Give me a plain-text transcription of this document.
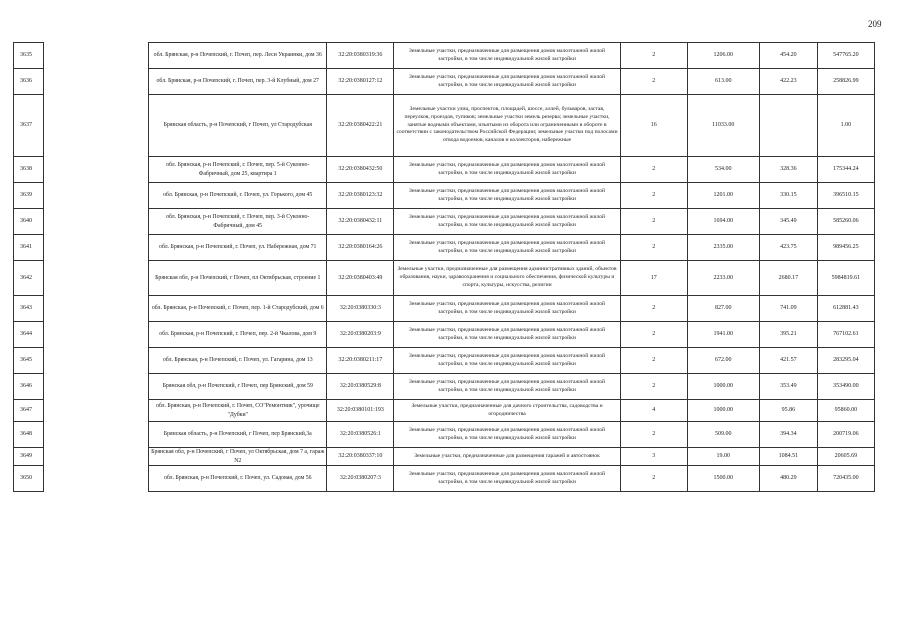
209
3635		обл. Брянская, р-н Почепский, г. Почеп, пер. Леси Украинки, дом 36	32:20:0380319:36	Земельные участки, предназначенные для размещения домов малоэтажной жилой застройки, в том числе индивидуальной жилой застройки	2	1206.00	454.20	547765.20
3636		обл. Брянская, р-н Почепский, г. Почеп, пер. 3-й Клубный, дом 27	32:20:0380127:12	Земельные участки, предназначенные для размещения домов малоэтажной жилой застройки, в том числе индивидуальной жилой застройки	2	613.00	422.23	258826.99
3637		Брянская область, р-н Почепский, г Почеп, ул Стародубская	32:20:0380422:21	Земельные участки улиц, проспектов, площадей, шоссе, аллей, бульваров, застав, переулков, проездов, тупиков; земельные участки земель резерва; земельные участки, занятые водными объектами, изъятыми из оборота или ограниченными в обороте в соответствии с законодательством Российской Федерации; земельные участки под полосами отвода водоемов, каналов и коллекторов, набережные	16	11033.00		1.00
3638		обл. Брянская, р-н Почепский, г. Почеп, пер. 5-й Суконно-Фабричный, дом 25, квартира 1	32:20:0380432:50	Земельные участки, предназначенные для размещения домов малоэтажной жилой застройки, в том числе индивидуальной жилой застройки	2	534.00	328.36	175344.24
3639		обл. Брянская, р-н Почепский, г. Почеп, ул. Горького, дом 45	32:20:0380123:32	Земельные участки, предназначенные для размещения домов малоэтажной жилой застройки, в том числе индивидуальной жилой застройки	2	1201.00	330.15	396510.15
3640		обл. Брянская, р-н Почепский, г. Почеп, пер. 3-й Суконно-Фабричный, дом 45	32:20:0380432:11	Земельные участки, предназначенные для размещения домов малоэтажной жилой застройки, в том числе индивидуальной жилой застройки	2	1694.00	345.49	585260.06
3641		обл. Брянская, р-н Почепский, г. Почеп, ул. Набережная, дом 71	32:20:0380164:26	Земельные участки, предназначенные для размещения домов малоэтажной жилой застройки, в том числе индивидуальной жилой застройки	2	2335.00	423.75	989456.25
3642		Брянская обл, р-н Почепский, г Почеп, пл Октябрьская, строение 1	32:20:0380403:49	Земельные участки, предназначенные для размещения административных зданий, объектов образования, науки, здравоохранения и социального обеспечения, физической культуры и спорта, культуры, искусства, религии	17	2233.00	2680.17	5984819.61
3643		обл. Брянская, р-н Почепский, г. Почеп, пер. 1-й Стародубский, дом 6	32:20:0380330:3	Земельные участки, предназначенные для размещения домов малоэтажной жилой застройки, в том числе индивидуальной жилой застройки	2	827.00	741.09	612881.43
3644		обл. Брянская, р-н Почепский, г. Почеп, пер. 2-й Чкалова, дом 9	32:20:0380203:9	Земельные участки, предназначенные для размещения домов малоэтажной жилой застройки, в том числе индивидуальной жилой застройки	2	1941.00	395.21	767102.61
3645		обл. Брянская, р-н Почепский, г. Почеп, ул. Гагарина, дом 13	32:20:0380211:17	Земельные участки, предназначенные для размещения домов малоэтажной жилой застройки, в том числе индивидуальной жилой застройки	2	672.00	421.57	283295.04
3646		Брянская обл, р-н Почепский, г Почеп, пер Брянский, дом 59	32:20:0380529:8	Земельные участки, предназначенные для размещения домов малоэтажной жилой застройки, в том числе индивидуальной жилой застройки	2	1000.00	353.49	353490.00
3647		обл. Брянская, р-н Почепский, г. Почеп, СО"Ремонтник", урочище "Дубки"	32:20:0380101:193	Земельные участки, предназначенные для дачного строительства, садоводства и огородничества	4	1000.00	95.86	95860.00
3648		Брянская область, р-н Почепский, г Почеп, пер Брянский,3а	32:20:0380526:1	Земельные участки, предназначенные для размещения домов малоэтажной жилой застройки, в том числе индивидуальной жилой застройки	2	509.00	394.34	200719.06
3649		Брянская обл, р-н Почепский, г Почеп, ул Октябрьская, дом 7 а, гараж N2	32:20:0380337:10	Земельные участки, предназначенные для размещения гаражей и автостоянок	3	19.00	1084.51	20605.69
3650		обл. Брянская, р-н Почепский, г. Почеп, ул. Садовая, дом 56	32:20:0380207:3	Земельные участки, предназначенные для размещения домов малоэтажной жилой застройки, в том числе индивидуальной жилой застройки	2	1500.00	480.29	720435.00
